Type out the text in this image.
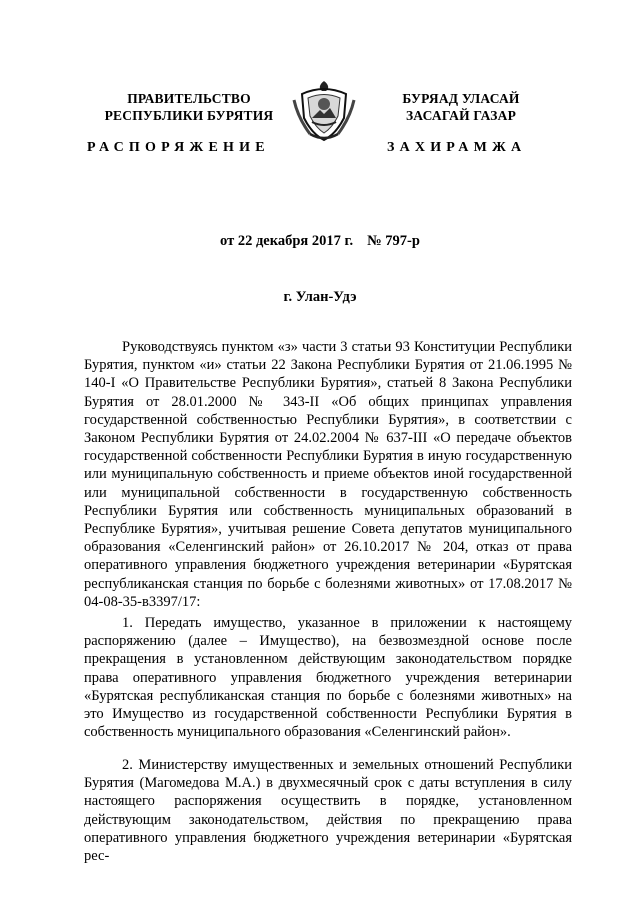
ПРАВИТЕЛЬСТВО
РЕСПУБЛИКИ БУРЯТИЯ
БУРЯАД УЛАСАЙ
ЗАСАГАЙ ГАЗАР
РАСПОРЯЖЕНИЕ	ЗАХИРАМЖА
от 22 декабря 2017 г. № 797-р
г. Улан-Удэ

Руководствуясь пунктом «з» части 3 статьи 93 Конституции Республики Бурятия, пунктом «и» статьи 22 Закона Республики Бурятия от 21.06.1995 № 140-I «О Правительстве Республики Бурятия», статьей 8 Закона Республики Бурятия от 28.01.2000 № 343-II «Об общих принципах управления государственной собственностью Республики Бурятия», в соответствии с Законом Республики Бурятия от 24.02.2004 № 637-III «О передаче объектов государственной собственности Республики Бурятия в иную государственную или муниципальную собственность и приеме объектов иной государственной или муниципальной собственности в государственную собственность Республики Бурятия или собственность муниципальных образований в Республике Бурятия», учитывая решение Совета депутатов муниципального образования «Селенгинский район» от 26.10.2017 № 204, отказ от права оперативного управления бюджетного учреждения ветеринарии «Бурятская республиканская станция по борьбе с болезнями животных» от 17.08.2017 № 04-08-35-в3397/17:

1. Передать имущество, указанное в приложении к настоящему распоряжению (далее – Имущество), на безвозмездной основе после прекращения в установленном действующим законодательством порядке права оперативного управления бюджетного учреждения ветеринарии «Бурятская республиканская станция по борьбе с болезнями животных» на это Имущество из государственной собственности Республики Бурятия в собственность муниципального образования «Селенгинский район».

2. Министерству имущественных и земельных отношений Республики Бурятия (Магомедова М.А.) в двухмесячный срок с даты вступления в силу настоящего распоряжения осуществить в порядке, установленном действующим законодательством, действия по прекращению права оперативного управления бюджетного учреждения ветеринарии «Бурятская рес-
